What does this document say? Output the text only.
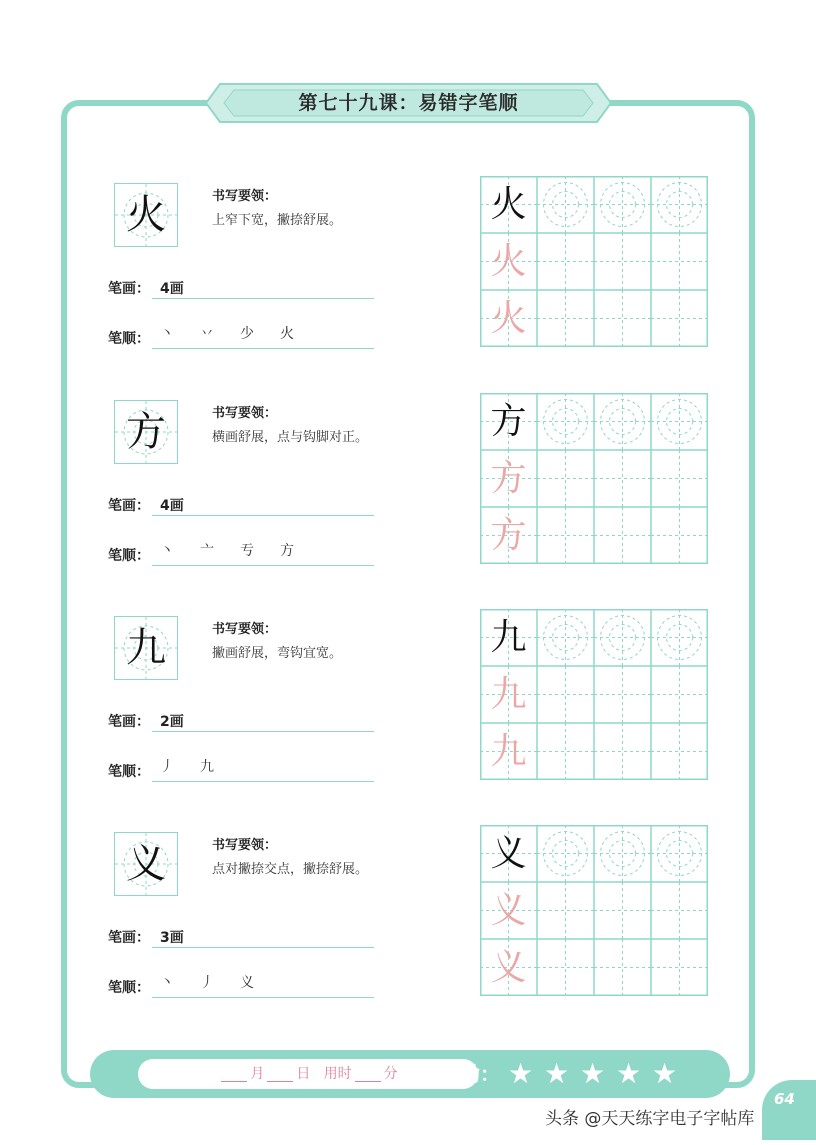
第七十九课：易错字笔顺
火	书写要领：
上窄下宽，撇捺舒展。
笔画： 4画
笔顺： 丶 丷 少 火
火
火
火
方	书写要领：
横画舒展，点与钩脚对正。
笔画： 4画
笔顺： 丶 亠 亐 方
方
方
方
九	书写要领：
撇画舒展，弯钩宜宽。
笔画： 2画
笔顺： 丿 九
九
九
九
义	书写要领：
点对撇捺交点，撇捺舒展。
笔画： 3画
笔顺： 丶 丿 义
义
义
义
月 日 用时 分	奖励： ★ ★ ★ ★ ★
64
头条 @天天练字电子字帖库
